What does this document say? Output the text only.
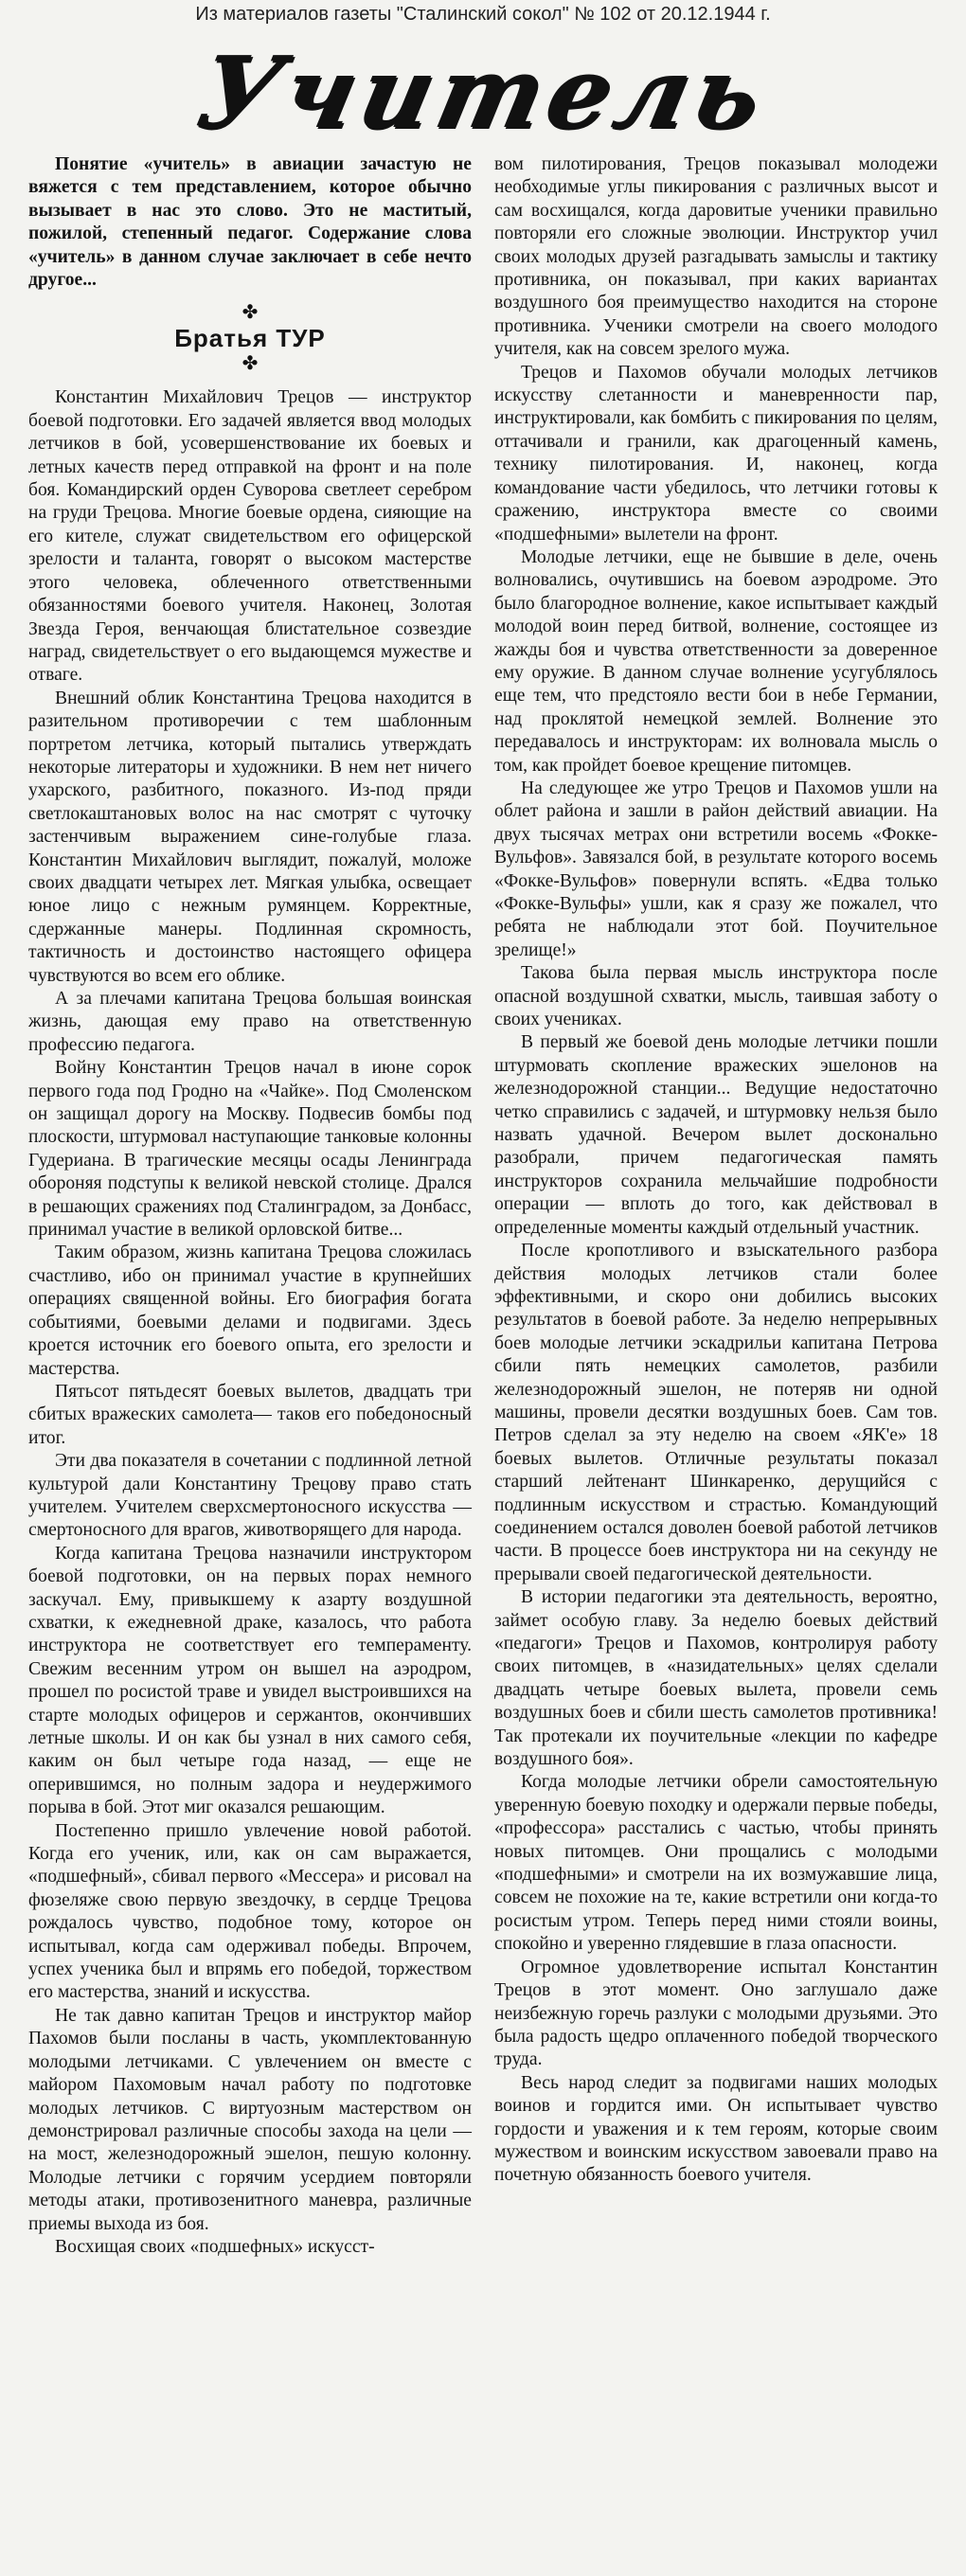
Из материалов газеты "Сталинский сокол" № 102 от 20.12.1944 г.
Учитель

Понятие «учитель» в авиации зачастую не вяжется с тем представлением, которое обычно вызывает в нас это слово. Это не маститый, пожилой, степенный педагог. Содержание слова «учитель» в данном случае заключает в себе нечто другое...

✤
Братья ТУР
✤

Константин Михайлович Трецов — инструктор боевой подготовки. Его задачей является ввод молодых летчиков в бой, усовершенствование их боевых и летных качеств перед отправкой на фронт и на поле боя. Командирский орден Суворова светлеет серебром на груди Трецова. Многие боевые ордена, сияющие на его кителе, служат свидетельством его офицерской зрелости и таланта, говорят о высоком мастерстве этого человека, облеченного ответственными обязанностями боевого учителя. Наконец, Золотая Звезда Героя, венчающая блистательное созвездие наград, свидетельствует о его выдающемся мужестве и отваге.

Внешний облик Константина Трецова находится в разительном противоречии с тем шаблонным портретом летчика, который пытались утверждать некоторые литераторы и художники. В нем нет ничего ухарского, разбитного, показного. Из-под пряди светлокаштановых волос на нас смотрят с чуточку застенчивым выражением сине-голубые глаза. Константин Михайлович выглядит, пожалуй, моложе своих двадцати четырех лет. Мягкая улыбка, освещает юное лицо с нежным румянцем. Корректные, сдержанные манеры. Подлинная скромность, тактичность и достоинство настоящего офицера чувствуются во всем его облике.

А за плечами капитана Трецова большая воинская жизнь, дающая ему право на ответственную профессию педагога.

Войну Константин Трецов начал в июне сорок первого года под Гродно на «Чайке». Под Смоленском он защищал дорогу на Москву. Подвесив бомбы под плоскости, штурмовал наступающие танковые колонны Гудериана. В трагические месяцы осады Ленинграда обороняя подступы к великой невской столице. Дрался в решающих сражениях под Сталинградом, за Донбасс, принимал участие в великой орловской битве...

Таким образом, жизнь капитана Трецова сложилась счастливо, ибо он принимал участие в крупнейших операциях священной войны. Его биография богата событиями, боевыми делами и подвигами. Здесь кроется источник его боевого опыта, его зрелости и мастерства.

Пятьсот пятьдесят боевых вылетов, двадцать три сбитых вражеских самолета— таков его победоносный итог.

Эти два показателя в сочетании с подлинной летной культурой дали Константину Трецову право стать учителем. Учителем сверхсмертоносного искусства — смертоносного для врагов, животворящего для народа.

Когда капитана Трецова назначили инструктором боевой подготовки, он на первых порах немного заскучал. Ему, привыкшему к азарту воздушной схватки, к ежедневной драке, казалось, что работа инструктора не соответствует его темпераменту. Свежим весенним утром он вышел на аэродром, прошел по росистой траве и увидел выстроившихся на старте молодых офицеров и сержантов, окончивших летные школы. И он как бы узнал в них самого себя, каким он был четыре года назад, — еще не оперившимся, но полным задора и неудержимого порыва в бой. Этот миг оказался решающим.

Постепенно пришло увлечение новой работой. Когда его ученик, или, как он сам выражается, «подшефный», сбивал первого «Мессера» и рисовал на фюзеляже свою первую звездочку, в сердце Трецова рождалось чувство, подобное тому, которое он испытывал, когда сам одерживал победы. Впрочем, успех ученика был и впрямь его победой, торжеством его мастерства, знаний и искусства.

Не так давно капитан Трецов и инструктор майор Пахомов были посланы в часть, укомплектованную молодыми летчиками. С увлечением он вместе с майором Пахомовым начал работу по подготовке молодых летчиков. С виртуозным мастерством он демонстрировал различные способы захода на цели — на мост, железнодорожный эшелон, пешую колонну. Молодые летчики с горячим усердием повторяли методы атаки, противозенитного маневра, различные приемы выхода из боя.

Восхищая своих «подшефных» искусст-

вом пилотирования, Трецов показывал молодежи необходимые углы пикирования с различных высот и сам восхищался, когда даровитые ученики правильно повторяли его сложные эволюции. Инструктор учил своих молодых друзей разгадывать замыслы и тактику противника, он показывал, при каких вариантах воздушного боя преимущество находится на стороне противника. Ученики смотрели на своего молодого учителя, как на совсем зрелого мужа.

Трецов и Пахомов обучали молодых летчиков искусству слетанности и маневренности пар, инструктировали, как бомбить с пикирования по целям, оттачивали и гранили, как драгоценный камень, технику пилотирования. И, наконец, когда командование части убедилось, что летчики готовы к сражению, инструктора вместе со своими «подшефными» вылетели на фронт.

Молодые летчики, еще не бывшие в деле, очень волновались, очутившись на боевом аэродроме. Это было благородное волнение, какое испытывает каждый молодой воин перед битвой, волнение, состоящее из жажды боя и чувства ответственности за доверенное ему оружие. В данном случае волнение усугублялось еще тем, что предстояло вести бои в небе Германии, над проклятой немецкой землей. Волнение это передавалось и инструкторам: их волновала мысль о том, как пройдет боевое крещение питомцев.

На следующее же утро Трецов и Пахомов ушли на облет района и зашли в район действий авиации. На двух тысячах метрах они встретили восемь «Фокке-Вульфов». Завязался бой, в результате которого восемь «Фокке-Вульфов» повернули вспять. «Едва только «Фокке-Вульфы» ушли, как я сразу же пожалел, что ребята не наблюдали этот бой. Поучительное зрелище!»

Такова была первая мысль инструктора после опасной воздушной схватки, мысль, таившая заботу о своих учениках.

В первый же боевой день молодые летчики пошли штурмовать скопление вражеских эшелонов на железнодорожной станции... Ведущие недостаточно четко справились с задачей, и штурмовку нельзя было назвать удачной. Вечером вылет досконально разобрали, причем педагогическая память инструкторов сохранила мельчайшие подробности операции — вплоть до того, как действовал в определенные моменты каждый отдельный участник.

После кропотливого и взыскательного разбора действия молодых летчиков стали более эффективными, и скоро они добились высоких результатов в боевой работе. За неделю непрерывных боев молодые летчики эскадрильи капитана Петрова сбили пять немецких самолетов, разбили железнодорожный эшелон, не потеряв ни одной машины, провели десятки воздушных боев. Сам тов. Петров сделал за эту неделю на своем «ЯК'е» 18 боевых вылетов. Отличные результаты показал старший лейтенант Шинкаренко, дерущийся с подлинным искусством и страстью. Командующий соединением остался доволен боевой работой летчиков части. В процессе боев инструктора ни на секунду не прерывали своей педагогической деятельности.

В истории педагогики эта деятельность, вероятно, займет особую главу. За неделю боевых действий «педагоги» Трецов и Пахомов, контролируя работу своих питомцев, в «назидательных» целях сделали двадцать четыре боевых вылета, провели семь воздушных боев и сбили шесть самолетов противника! Так протекали их поучительные «лекции по кафедре воздушного боя».

Когда молодые летчики обрели самостоятельную уверенную боевую походку и одержали первые победы, «профессора» расстались с частью, чтобы принять новых питомцев. Они прощались с молодыми «подшефными» и смотрели на их возмужавшие лица, совсем не похожие на те, какие встретили они когда-то росистым утром. Теперь перед ними стояли воины, спокойно и уверенно глядевшие в глаза опасности.

Огромное удовлетворение испытал Константин Трецов в этот момент. Оно заглушало даже неизбежную горечь разлуки с молодыми друзьями. Это была радость щедро оплаченного победой творческого труда.

Весь народ следит за подвигами наших молодых воинов и гордится ими. Он испытывает чувство гордости и уважения и к тем героям, которые своим мужеством и воинским искусством завоевали право на почетную обязанность боевого учителя.
